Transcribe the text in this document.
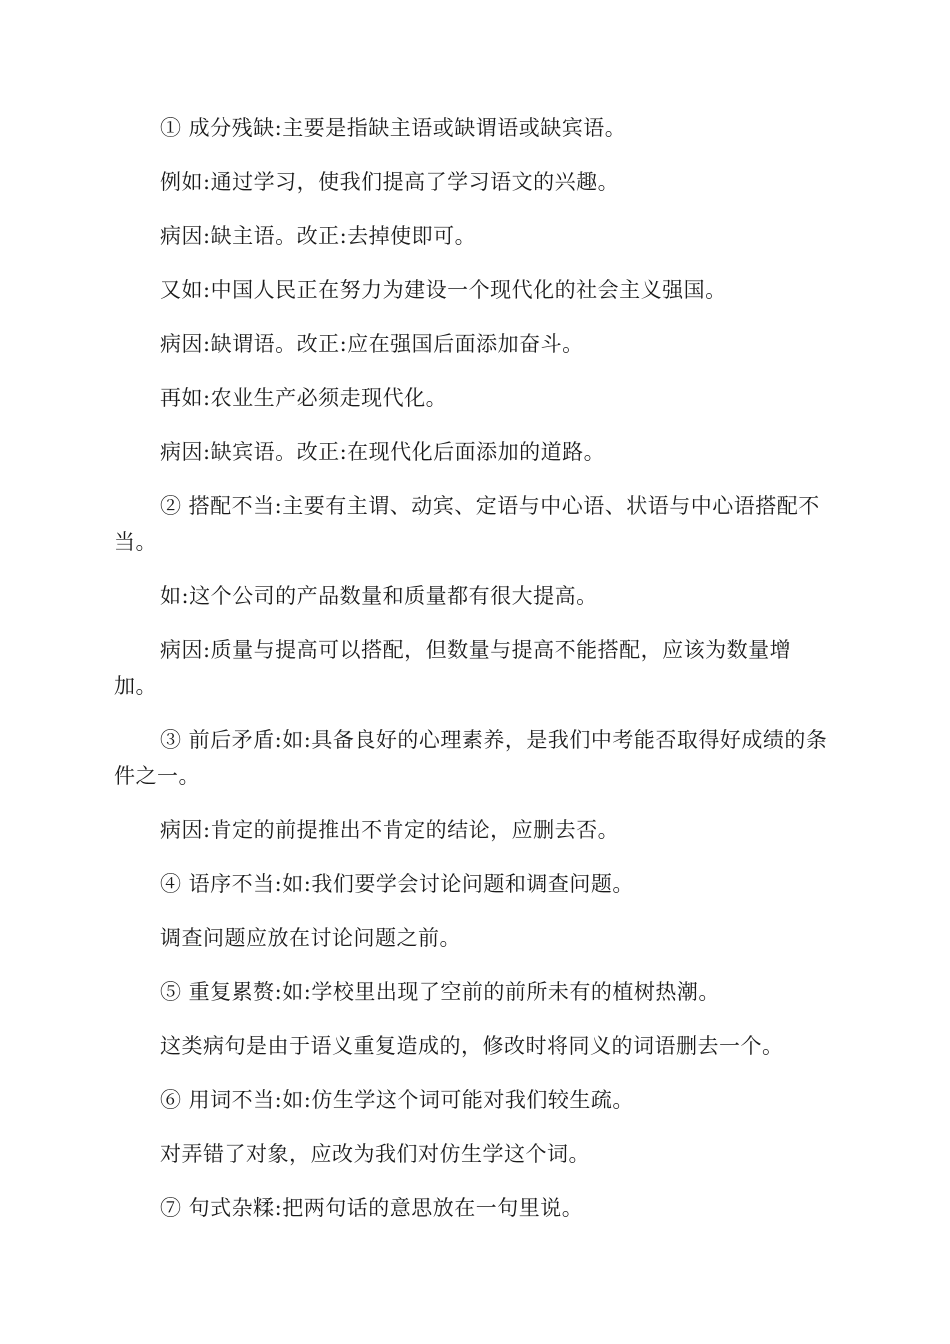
① 成分残缺:主要是指缺主语或缺谓语或缺宾语。

例如:通过学习，使我们提高了学习语文的兴趣。

病因:缺主语。改正:去掉使即可。

又如:中国人民正在努力为建设一个现代化的社会主义强国。

病因:缺谓语。改正:应在强国后面添加奋斗。

再如:农业生产必须走现代化。

病因:缺宾语。改正:在现代化后面添加的道路。

② 搭配不当:主要有主谓、动宾、定语与中心语、状语与中心语搭配不当。

如:这个公司的产品数量和质量都有很大提高。

病因:质量与提高可以搭配，但数量与提高不能搭配，应该为数量增加。

③ 前后矛盾:如:具备良好的心理素养，是我们中考能否取得好成绩的条件之一。

病因:肯定的前提推出不肯定的结论，应删去否。

④ 语序不当:如:我们要学会讨论问题和调查问题。

调查问题应放在讨论问题之前。

⑤ 重复累赘:如:学校里出现了空前的前所未有的植树热潮。

这类病句是由于语义重复造成的，修改时将同义的词语删去一个。

⑥ 用词不当:如:仿生学这个词可能对我们较生疏。

对弄错了对象，应改为我们对仿生学这个词。

⑦ 句式杂糅:把两句话的意思放在一句里说。
